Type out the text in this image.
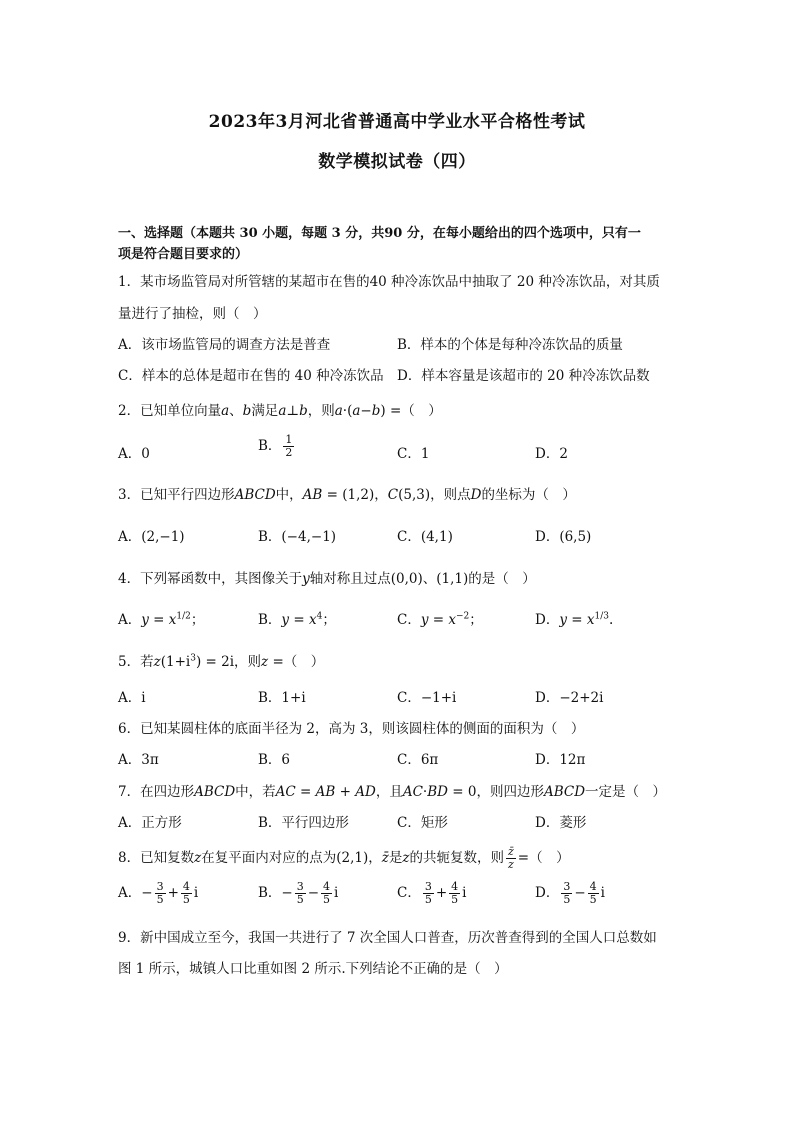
2023年3月河北省普通高中学业水平合格性考试
数学模拟试卷（四）
一、选择题（本题共 30 小题，每题 3 分，共90 分，在每小题给出的四个选项中，只有一
项是符合题目要求的）
1．某市场监管局对所管辖的某超市在售的40 种冷冻饮品中抽取了 20 种冷冻饮品，对其质
量进行了抽检，则（　）
A．该市场监管局的调查方法是普查	B．样本的个体是每种冷冻饮品的质量
C．样本的总体是超市在售的 40 种冷冻饮品 D．样本容量是该超市的 20 种冷冻饮品数
2．已知单位向量a、b满足a⊥b，则a·(a−b) =（　）
A．0	B． $\frac{1}{2}$	C．1	D．2
3．已知平行四边形ABCD中，AB = (1,2)，C(5,3)，则点D的坐标为（　）
A．(2,−1)	B．(−4,−1)	C．(4,1)	D．(6,5)
4．下列幂函数中，其图像关于y轴对称且过点(0,0)、(1,1)的是（　）
A．$y = x^{1/2}$；	B．$y = x^4$；	C．$y = x^{-2}$；	D．$y = x^{1/3}$.
5．若$z(1+i^3) = 2i$，则z =（　）
A．i	B．1+i	C．−1+i	D．−2+2i
6．已知某圆柱体的底面半径为 2，高为 3，则该圆柱体的侧面的面积为（　）
A．3π	B．6	C．6π	D．12π
7．在四边形ABCD中，若AC = AB + AD，且AC·BD = 0，则四边形ABCD一定是（　）
A．正方形	B．平行四边形	C．矩形	D．菱形
8．已知复数z在复平面内对应的点为(2,1)，z̄是z的共轭复数，则 $\frac{z̄}{z}$ =（　）
A．− $\frac{3}{5} + \frac{4}{5}$ i	B．− $\frac{3}{5} - \frac{4}{5}$ i	C． $\frac{3}{5} + \frac{4}{5}$ i	D． $\frac{3}{5} - \frac{4}{5}$ i
9．新中国成立至今，我国一共进行了 7 次全国人口普查，历次普查得到的全国人口总数如
图 1 所示，城镇人口比重如图 2 所示.下列结论不正确的是（　）
